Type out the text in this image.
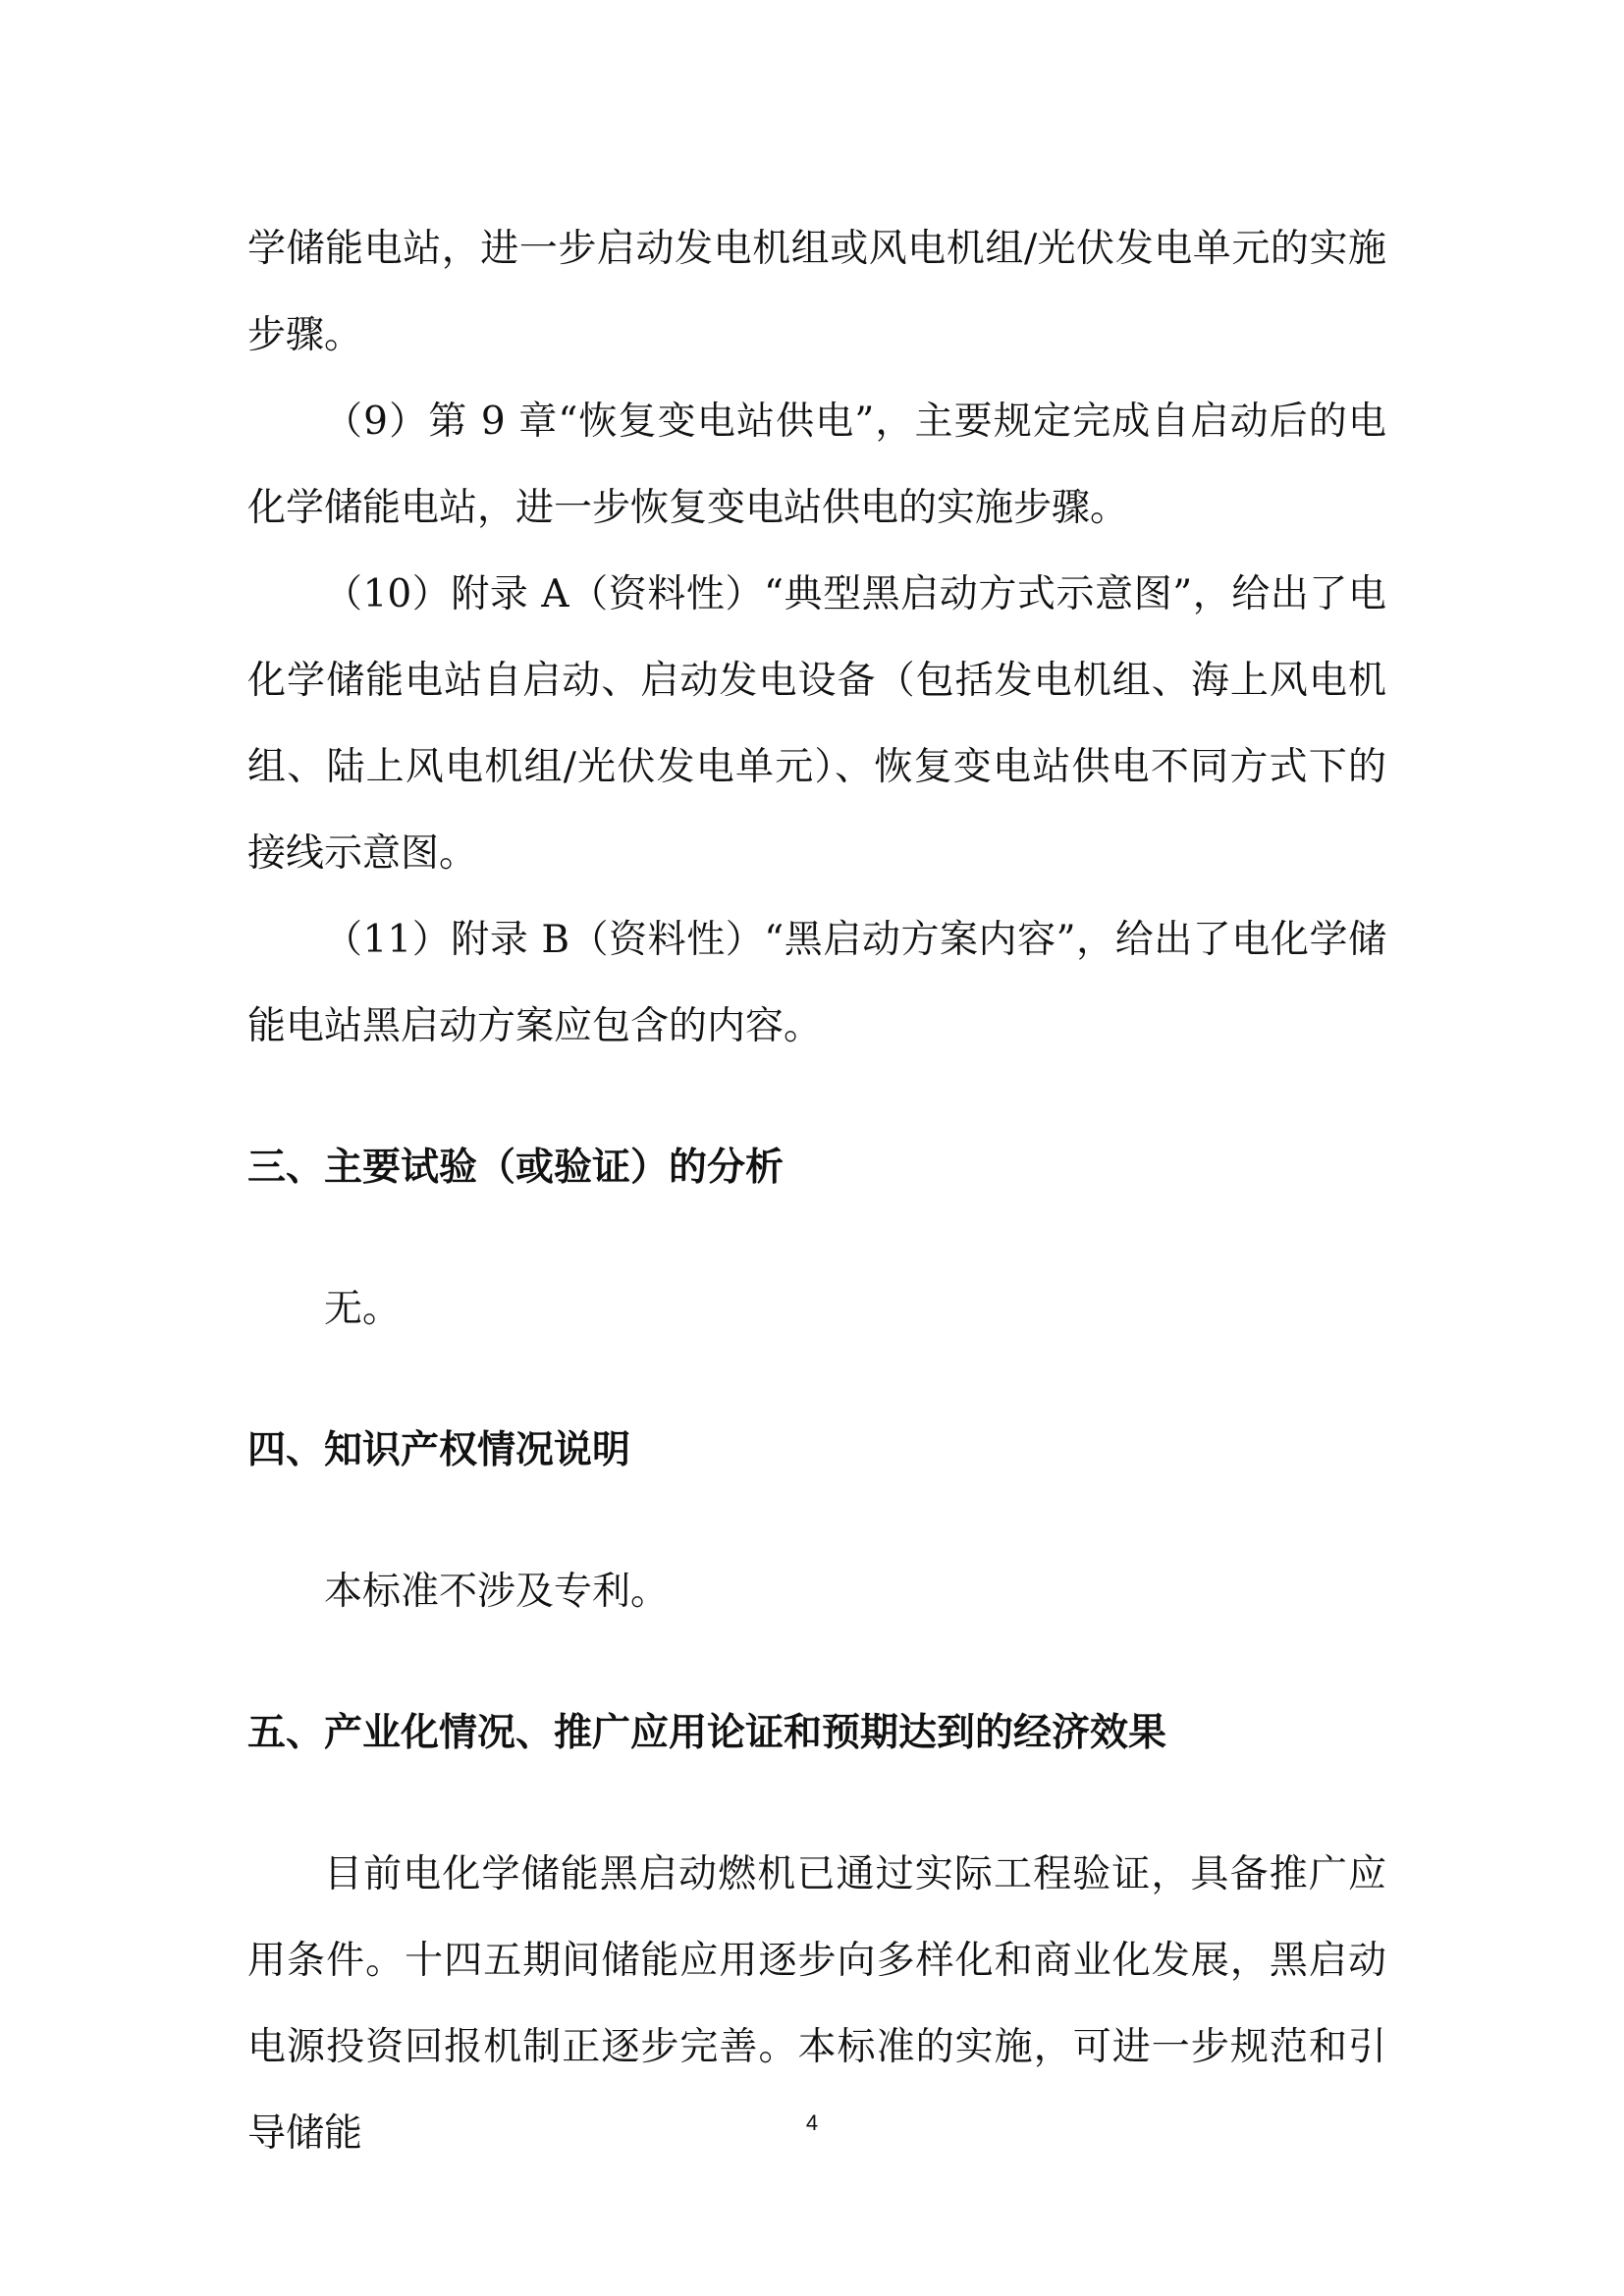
学储能电站，进一步启动发电机组或风电机组/光伏发电单元的实施步骤。

（9）第 9 章“恢复变电站供电”，主要规定完成自启动后的电化学储能电站，进一步恢复变电站供电的实施步骤。

（10）附录 A（资料性）“典型黑启动方式示意图”，给出了电化学储能电站自启动、启动发电设备（包括发电机组、海上风电机组、陆上风电机组/光伏发电单元）、恢复变电站供电不同方式下的接线示意图。

（11）附录 B（资料性）“黑启动方案内容”，给出了电化学储能电站黑启动方案应包含的内容。

三、主要试验（或验证）的分析

无。

四、知识产权情况说明

本标准不涉及专利。

五、产业化情况、推广应用论证和预期达到的经济效果

目前电化学储能黑启动燃机已通过实际工程验证，具备推广应用条件。十四五期间储能应用逐步向多样化和商业化发展，黑启动电源投资回报机制正逐步完善。本标准的实施，可进一步规范和引导储能	4
